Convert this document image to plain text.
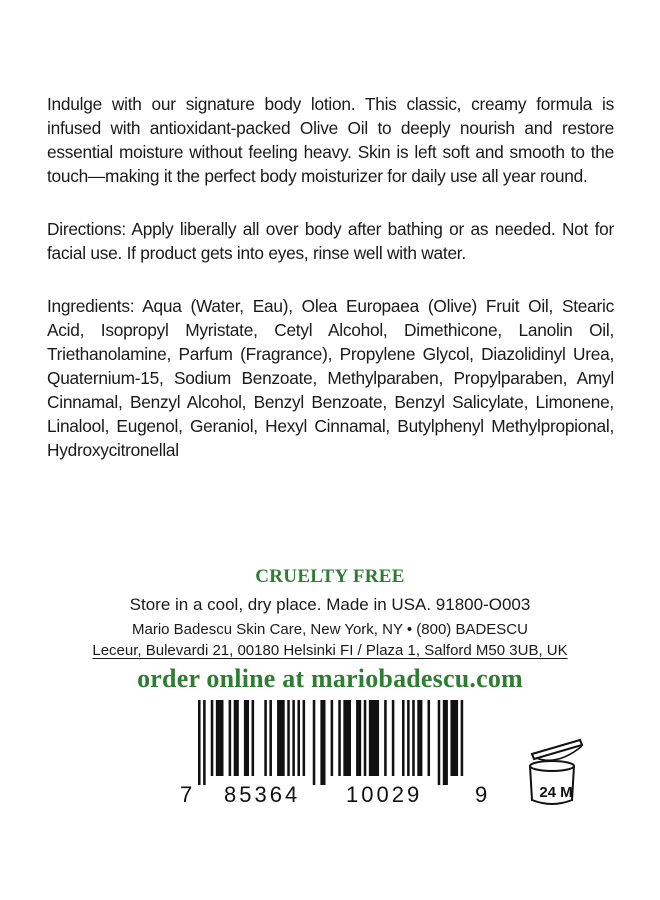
Indulge with our signature body lotion. This classic, creamy formula is infused with antioxidant-packed Olive Oil to deeply nourish and restore essential moisture without feeling heavy. Skin is left soft and smooth to the touch—making it the perfect body moisturizer for daily use all year round.
Directions: Apply liberally all over body after bathing or as needed. Not for facial use. If product gets into eyes, rinse well with water.
Ingredients: Aqua (Water, Eau), Olea Europaea (Olive) Fruit Oil, Stearic Acid, Isopropyl Myristate, Cetyl Alcohol, Dimethicone, Lanolin Oil, Triethanolamine, Parfum (Fragrance), Propylene Glycol, Diazolidinyl Urea, Quaternium-15, Sodium Benzoate, Methylparaben, Propylparaben, Amyl Cinnamal, Benzyl Alcohol, Benzyl Benzoate, Benzyl Salicylate, Limonene, Linalool, Eugenol, Geraniol, Hexyl Cinnamal, Butylphenyl Methylpropional, Hydroxycitronellal
CRUELTY FREE
Store in a cool, dry place. Made in USA. 91800-O003
Mario Badescu Skin Care, New York, NY • (800) BADESCU
Leceur, Bulevardi 21, 00180 Helsinki FI / Plaza 1, Salford M50 3UB, UK
order online at mariobadescu.com
7 85364 10029 9	24 M
